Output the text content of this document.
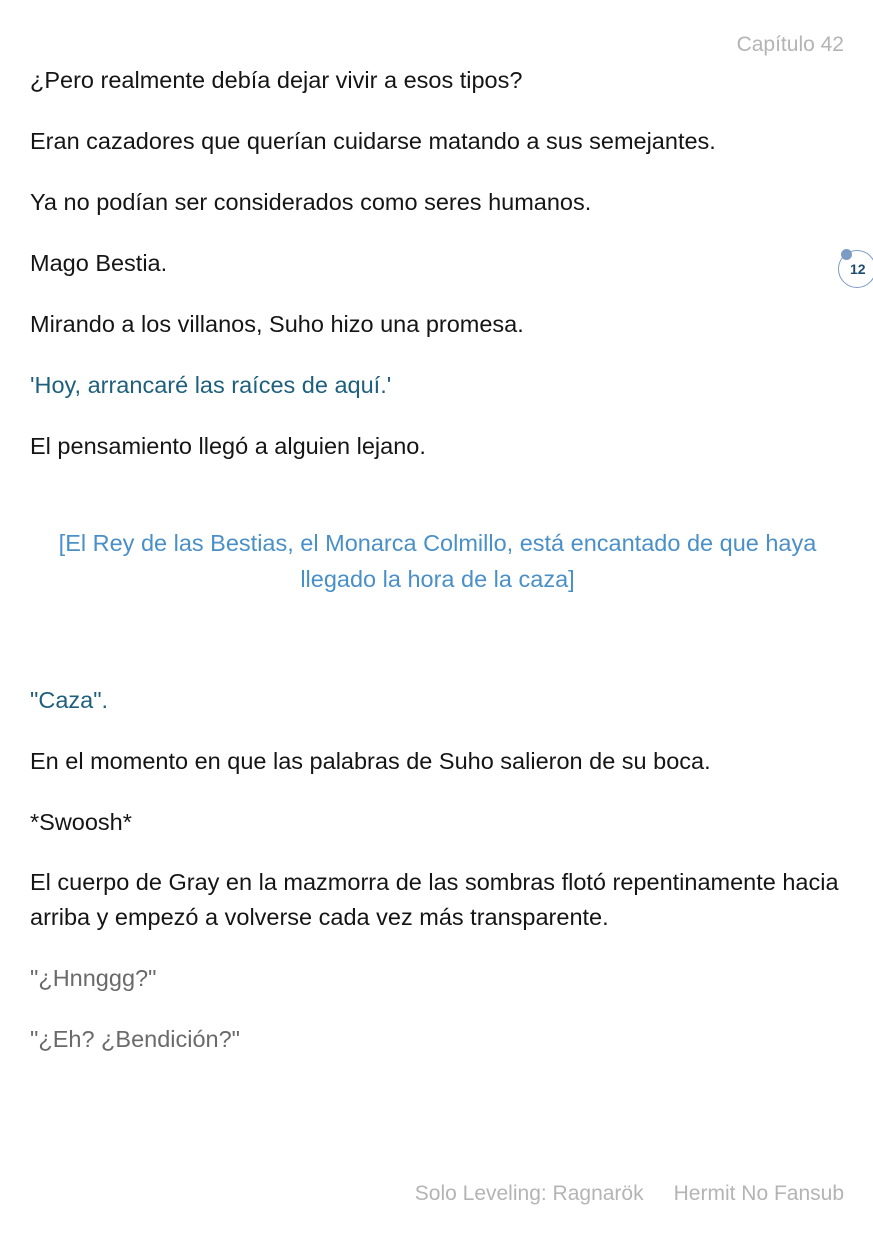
Capítulo 42
12

¿Pero realmente debía dejar vivir a esos tipos?

Eran cazadores que querían cuidarse matando a sus semejantes.

Ya no podían ser considerados como seres humanos.

Mago Bestia.

Mirando a los villanos, Suho hizo una promesa.

'Hoy, arrancaré las raíces de aquí.'

El pensamiento llegó a alguien lejano.

[El Rey de las Bestias, el Monarca Colmillo, está encantado de que haya llegado la hora de la caza]

"Caza".

En el momento en que las palabras de Suho salieron de su boca.

*Swoosh*

El cuerpo de Gray en la mazmorra de las sombras flotó repentinamente hacia arriba y empezó a volverse cada vez más transparente.

"¿Hnnggg?"

"¿Eh? ¿Bendición?"

Solo Leveling: Ragnarök Hermit No Fansub
